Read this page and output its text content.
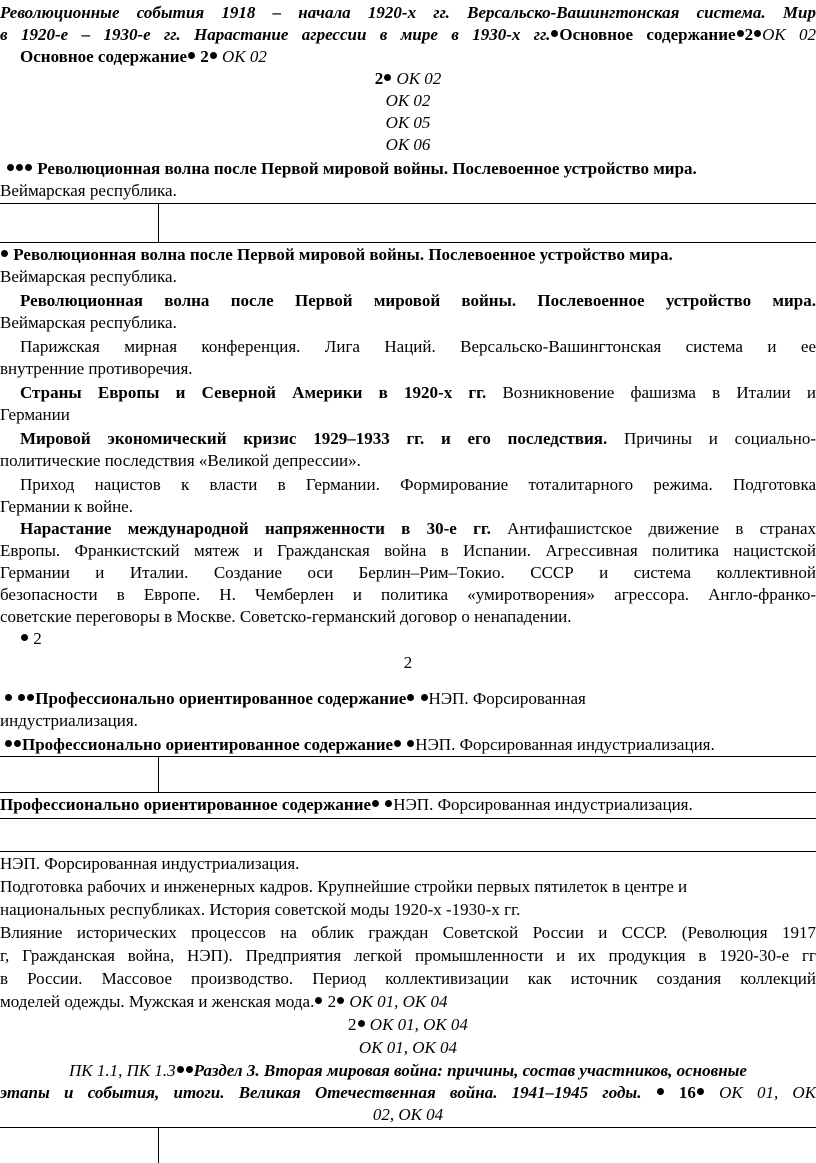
Революционные события 1918 – начала 1920-х гг. Версальско-Вашингтонская система. Мир
в 1920-е – 1930-е гг. Нарастание агрессии в мире в 1930-х гг. Основное содержание 2 ОК 02
Основное содержание 2 ОК 02
2 ОК 02
ОК 02
ОК 05
ОК 06
Революционная волна после Первой мировой войны. Послевоенное устройство мира.
Веймарская республика.
Революционная волна после Первой мировой войны. Послевоенное устройство мира.
Веймарская республика.
Революционная волна после Первой мировой войны. Послевоенное устройство мира.
Веймарская республика.
Парижская мирная конференция. Лига Наций. Версальско-Вашингтонская система и ее
внутренние противоречия.
Страны Европы и Северной Америки в 1920-х гг. Возникновение фашизма в Италии и
Германии
Мировой экономический кризис 1929–1933 гг. и его последствия. Причины и социально-
политические последствия «Великой депрессии».
Приход нацистов к власти в Германии. Формирование тоталитарного режима. Подготовка
Германии к войне.
Нарастание международной напряженности в 30-е гг. Антифашистское движение в странах
Европы. Франкистский мятеж и Гражданская война в Испании. Агрессивная политика нацистской
Германии и Италии. Создание оси Берлин–Рим–Токио. СССР и система коллективной
безопасности в Европе. Н. Чемберлен и политика «умиротворения» агрессора. Англо-франко-
советские переговоры в Москве. Советско-германский договор о ненападении.
2
2
Профессионально ориентированное содержание НЭП. Форсированная
индустриализация.
Профессионально ориентированное содержание НЭП. Форсированная индустриализация.
Профессионально ориентированное содержание НЭП. Форсированная индустриализация.
НЭП. Форсированная индустриализация.
Подготовка рабочих и инженерных кадров. Крупнейшие стройки первых пятилеток в центре и
национальных республиках. История советской моды 1920-х -1930-х гг.
Влияние исторических процессов на облик граждан Советской России и СССР. (Революция 1917
г, Гражданская война, НЭП). Предприятия легкой промышленности и их продукция в 1920-30-е гг
в России. Массовое производство. Период коллективизации как источник создания коллекций
моделей одежды. Мужская и женская мода. 2 ОК 01, ОК 04
2 ОК 01, ОК 04
ОК 01, ОК 04
ПК 1.1, ПК 1.3 Раздел 3. Вторая мировая война: причины, состав участников, основные
этапы и события, итоги. Великая Отечественная война. 1941–1945 годы. 16 ОК 01, ОК
02, ОК 04
